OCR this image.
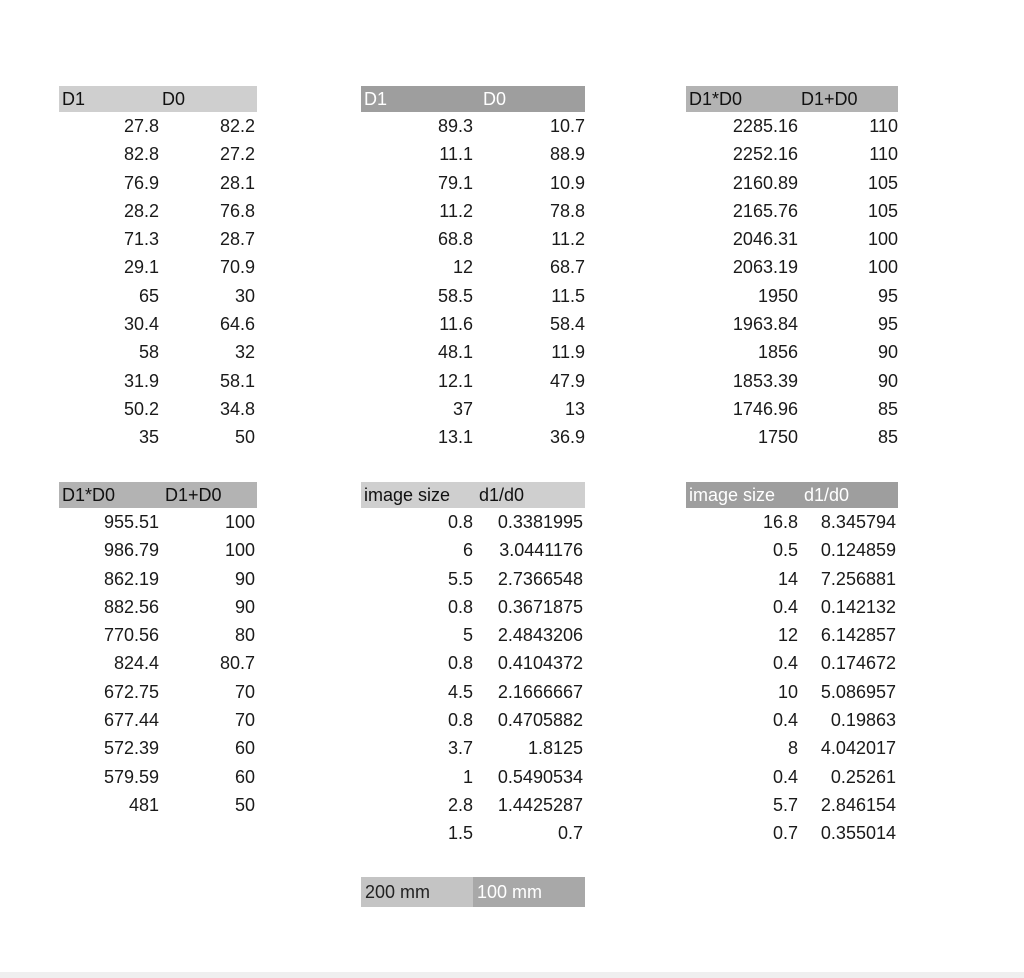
D1	D0
27.8	82.2
82.8	27.2
76.9	28.1
28.2	76.8
71.3	28.7
29.1	70.9
65	30
30.4	64.6
58	32
31.9	58.1
50.2	34.8
35	50
D1	D0
89.3	10.7
11.1	88.9
79.1	10.9
11.2	78.8
68.8	11.2
12	68.7
58.5	11.5
11.6	58.4
48.1	11.9
12.1	47.9
37	13
13.1	36.9
D1*D0	D1+D0
2285.16	110
2252.16	110
2160.89	105
2165.76	105
2046.31	100
2063.19	100
1950	95
1963.84	95
1856	90
1853.39	90
1746.96	85
1750	85
D1*D0	D1+D0
955.51	100
986.79	100
862.19	90
882.56	90
770.56	80
824.4	80.7
672.75	70
677.44	70
572.39	60
579.59	60
481	50
image size	d1/d0
0.8	0.3381995
6	3.0441176
5.5	2.7366548
0.8	0.3671875
5	2.4843206
0.8	0.4104372
4.5	2.1666667
0.8	0.4705882
3.7	1.8125
1	0.5490534
2.8	1.4425287
1.5	0.7
image size	d1/d0
16.8	8.345794
0.5	0.124859
14	7.256881
0.4	0.142132
12	6.142857
0.4	0.174672
10	5.086957
0.4	0.19863
8	4.042017
0.4	0.25261
5.7	2.846154
0.7	0.355014
200 mm	100 mm
